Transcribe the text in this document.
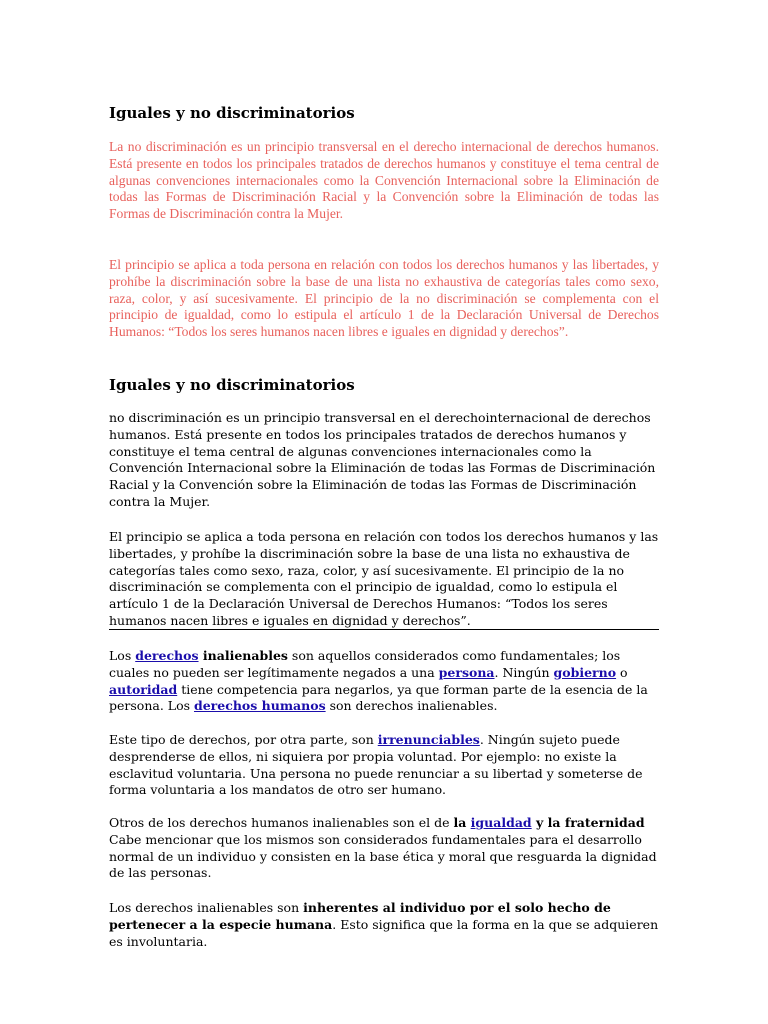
Iguales y no discriminatorios

La no discriminación es un principio transversal en el derecho internacional de derechos humanos. Está presente en todos los principales tratados de derechos humanos y constituye el tema central de algunas convenciones internacionales como la Convención Internacional sobre la Eliminación de todas las Formas de Discriminación Racial y la Convención sobre la Eliminación de todas las Formas de Discriminación contra la Mujer.

El principio se aplica a toda persona en relación con todos los derechos humanos y las libertades, y prohíbe la discriminación sobre la base de una lista no exhaustiva de categorías tales como sexo, raza, color, y así sucesivamente. El principio de la no discriminación se complementa con el principio de igualdad, como lo estipula el artículo 1 de la Declaración Universal de Derechos Humanos: “Todos los seres humanos nacen libres e iguales en dignidad y derechos”.

Iguales y no discriminatorios

no discriminación es un principio transversal en el derechointernacional de derechos humanos. Está presente en todos los principales tratados de derechos humanos y constituye el tema central de algunas convenciones internacionales como la Convención Internacional sobre la Eliminación de todas las Formas de Discriminación Racial y la Convención sobre la Eliminación de todas las Formas de Discriminación contra la Mujer.

El principio se aplica a toda persona en relación con todos los derechos humanos y las libertades, y prohíbe la discriminación sobre la base de una lista no exhaustiva de categorías tales como sexo, raza, color, y así sucesivamente. El principio de la no discriminación se complementa con el principio de igualdad, como lo estipula el artículo 1 de la Declaración Universal de Derechos Humanos: “Todos los seres humanos nacen libres e iguales en dignidad y derechos”.

Los derechos inalienables son aquellos considerados como fundamentales; los cuales no pueden ser legítimamente negados a una persona. Ningún gobierno o autoridad tiene competencia para negarlos, ya que forman parte de la esencia de la persona. Los derechos humanos son derechos inalienables.

Este tipo de derechos, por otra parte, son irrenunciables. Ningún sujeto puede desprenderse de ellos, ni siquiera por propia voluntad. Por ejemplo: no existe la esclavitud voluntaria. Una persona no puede renunciar a su libertad y someterse de forma voluntaria a los mandatos de otro ser humano.

Otros de los derechos humanos inalienables son el de la igualdad y la fraternidad Cabe mencionar que los mismos son considerados fundamentales para el desarrollo normal de un individuo y consisten en la base ética y moral que resguarda la dignidad de las personas.

Los derechos inalienables son inherentes al individuo por el solo hecho de pertenecer a la especie humana. Esto significa que la forma en la que se adquieren es involuntaria.
